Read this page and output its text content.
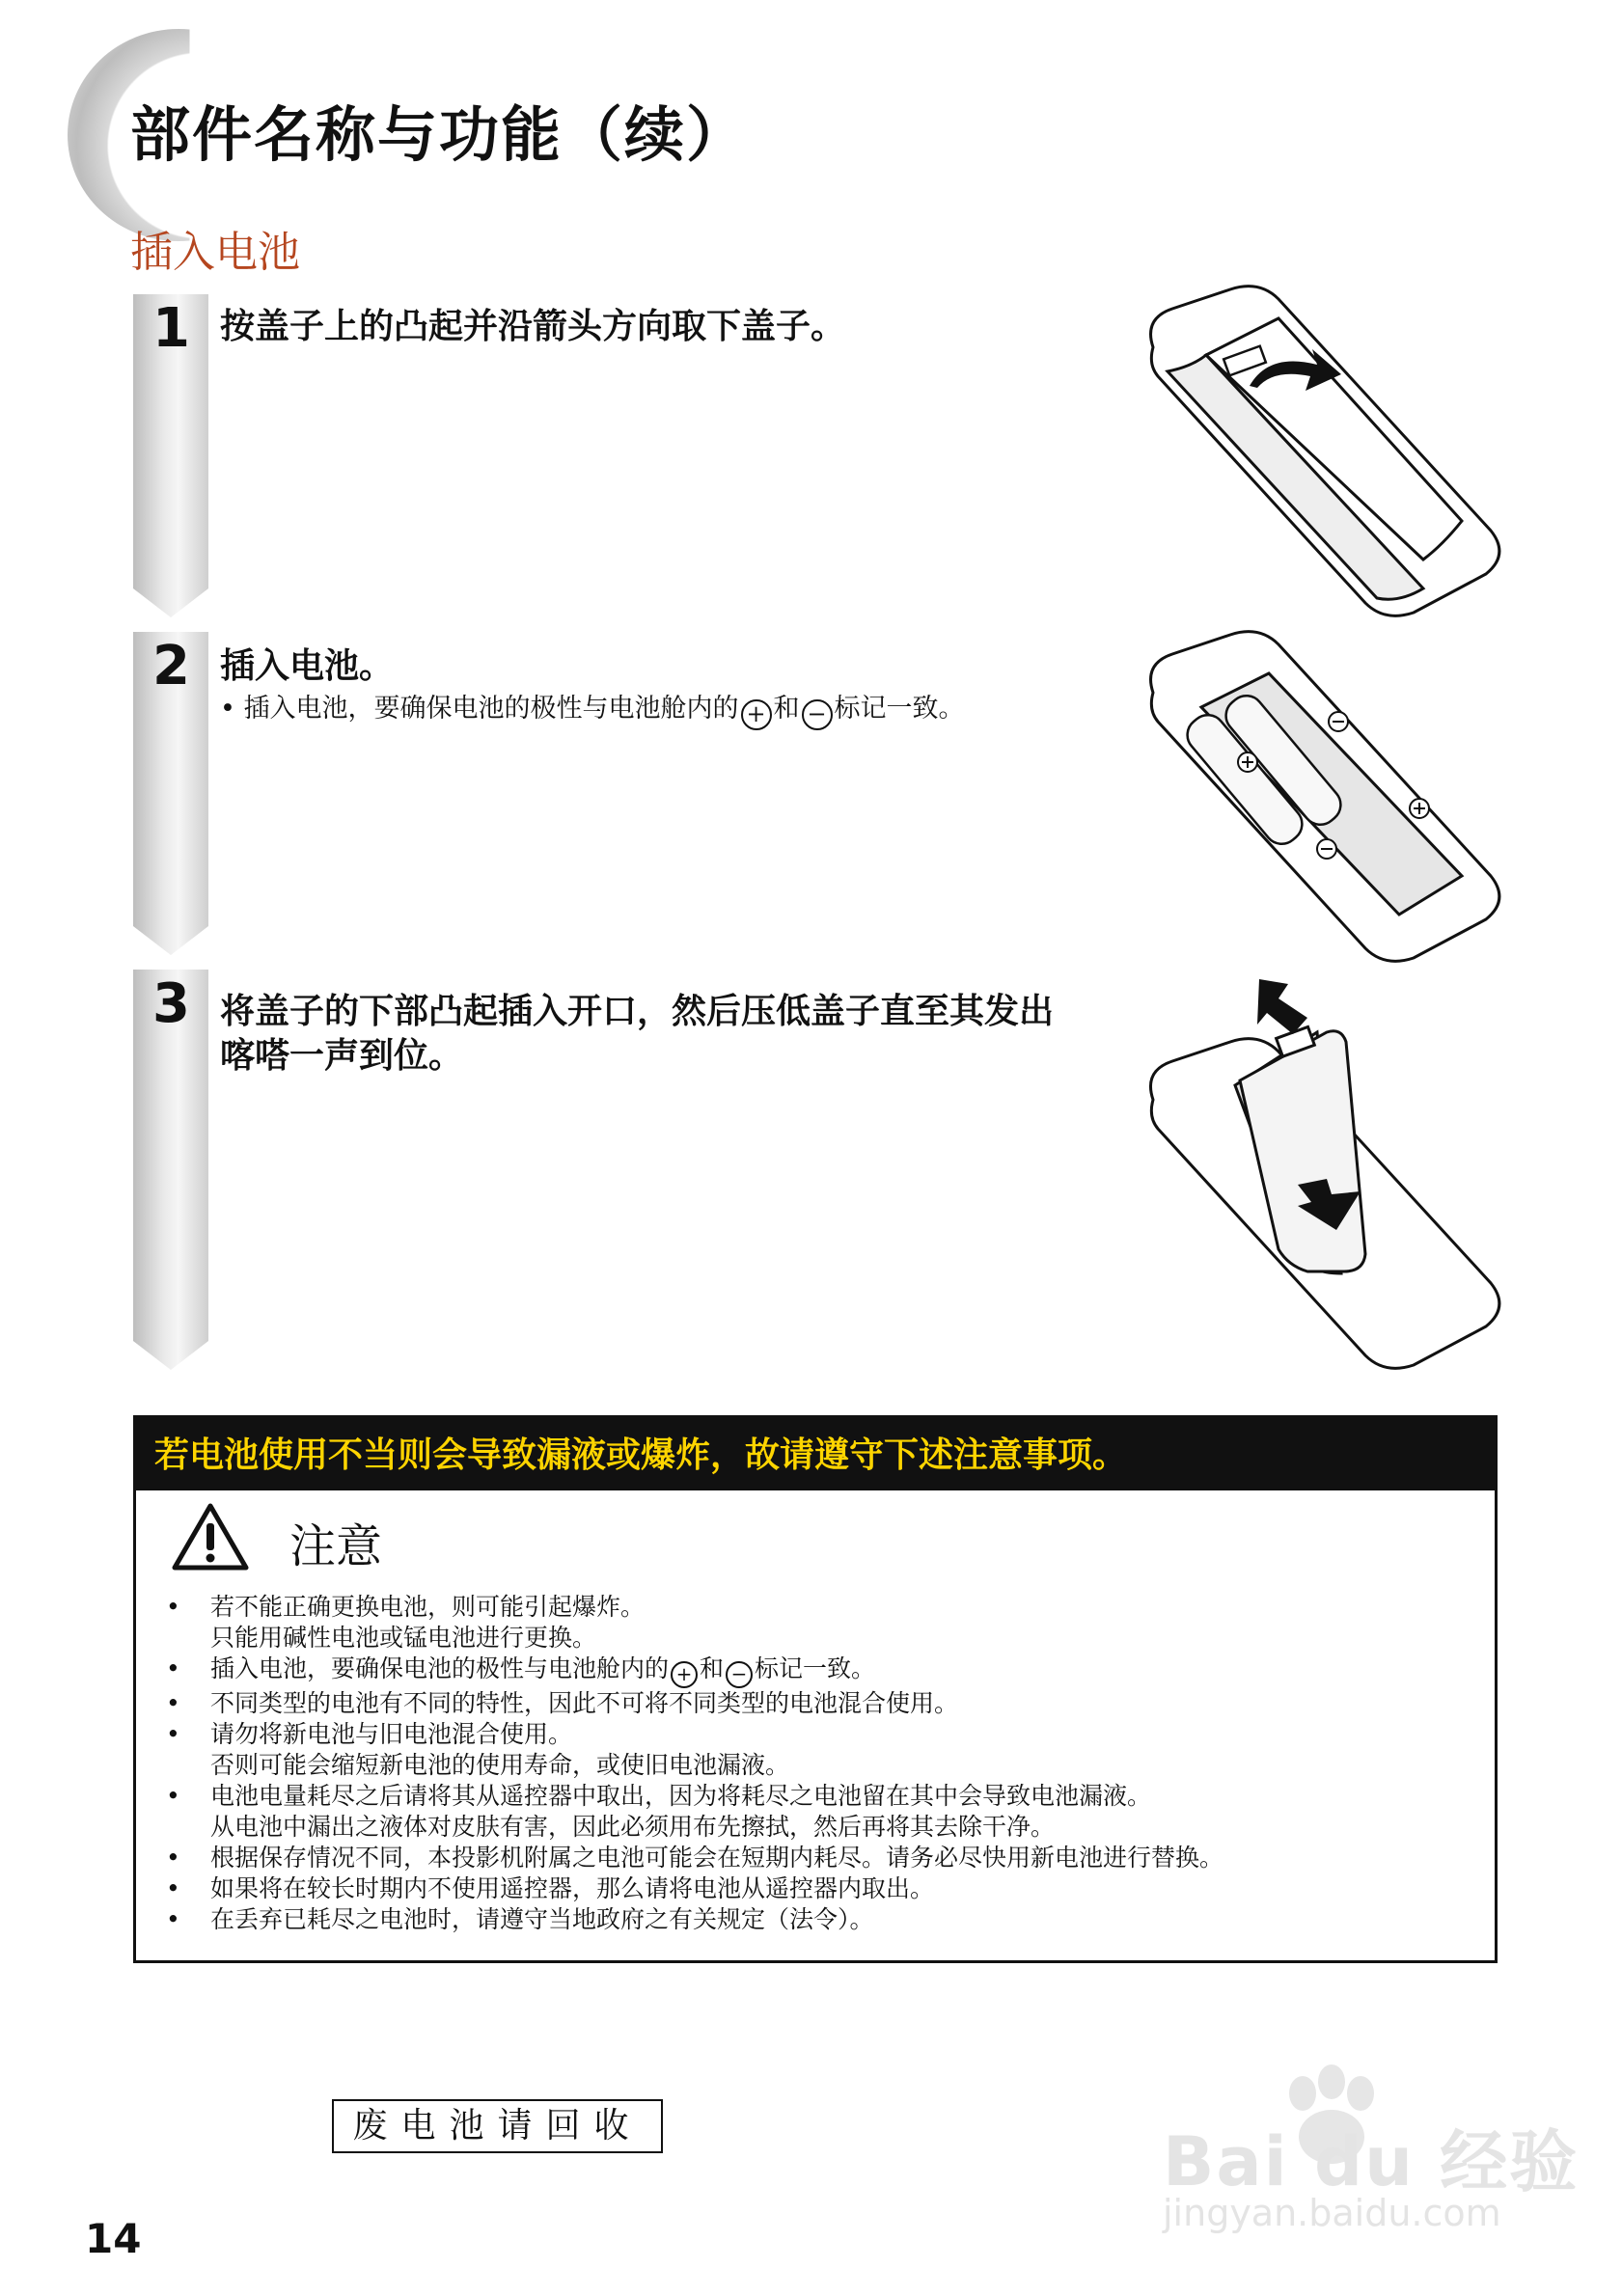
部件名称与功能（续）
插入电池
1 按盖子上的凸起并沿箭头方向取下盖子。
2 插入电池。
• 插入电池，要确保电池的极性与电池舱内的 + 和 − 标记一致。
3 将盖子的下部凸起插入开口，然后压低盖子直至其发出
喀嗒一声到位。
若电池使用不当则会导致漏液或爆炸，故请遵守下述注意事项。
注意
• 若不能正确更换电池，则可能引起爆炸。
只能用碱性电池或锰电池进行更换。
• 插入电池，要确保电池的极性与电池舱内的 + 和 − 标记一致。
• 不同类型的电池有不同的特性，因此不可将不同类型的电池混合使用。
• 请勿将新电池与旧电池混合使用。
否则可能会缩短新电池的使用寿命，或使旧电池漏液。
• 电池电量耗尽之后请将其从遥控器中取出，因为将耗尽之电池留在其中会导致电池漏液。
从电池中漏出之液体对皮肤有害，因此必须用布先擦拭，然后再将其去除干净。
• 根据保存情况不同，本投影机附属之电池可能会在短期内耗尽。请务必尽快用新电池进行替换。
• 如果将在较长时期内不使用遥控器，那么请将电池从遥控器内取出。
• 在丢弃已耗尽之电池时，请遵守当地政府之有关规定（法令）。
废电池请回收
14
Bai du 经验
jingyan.baidu.com
